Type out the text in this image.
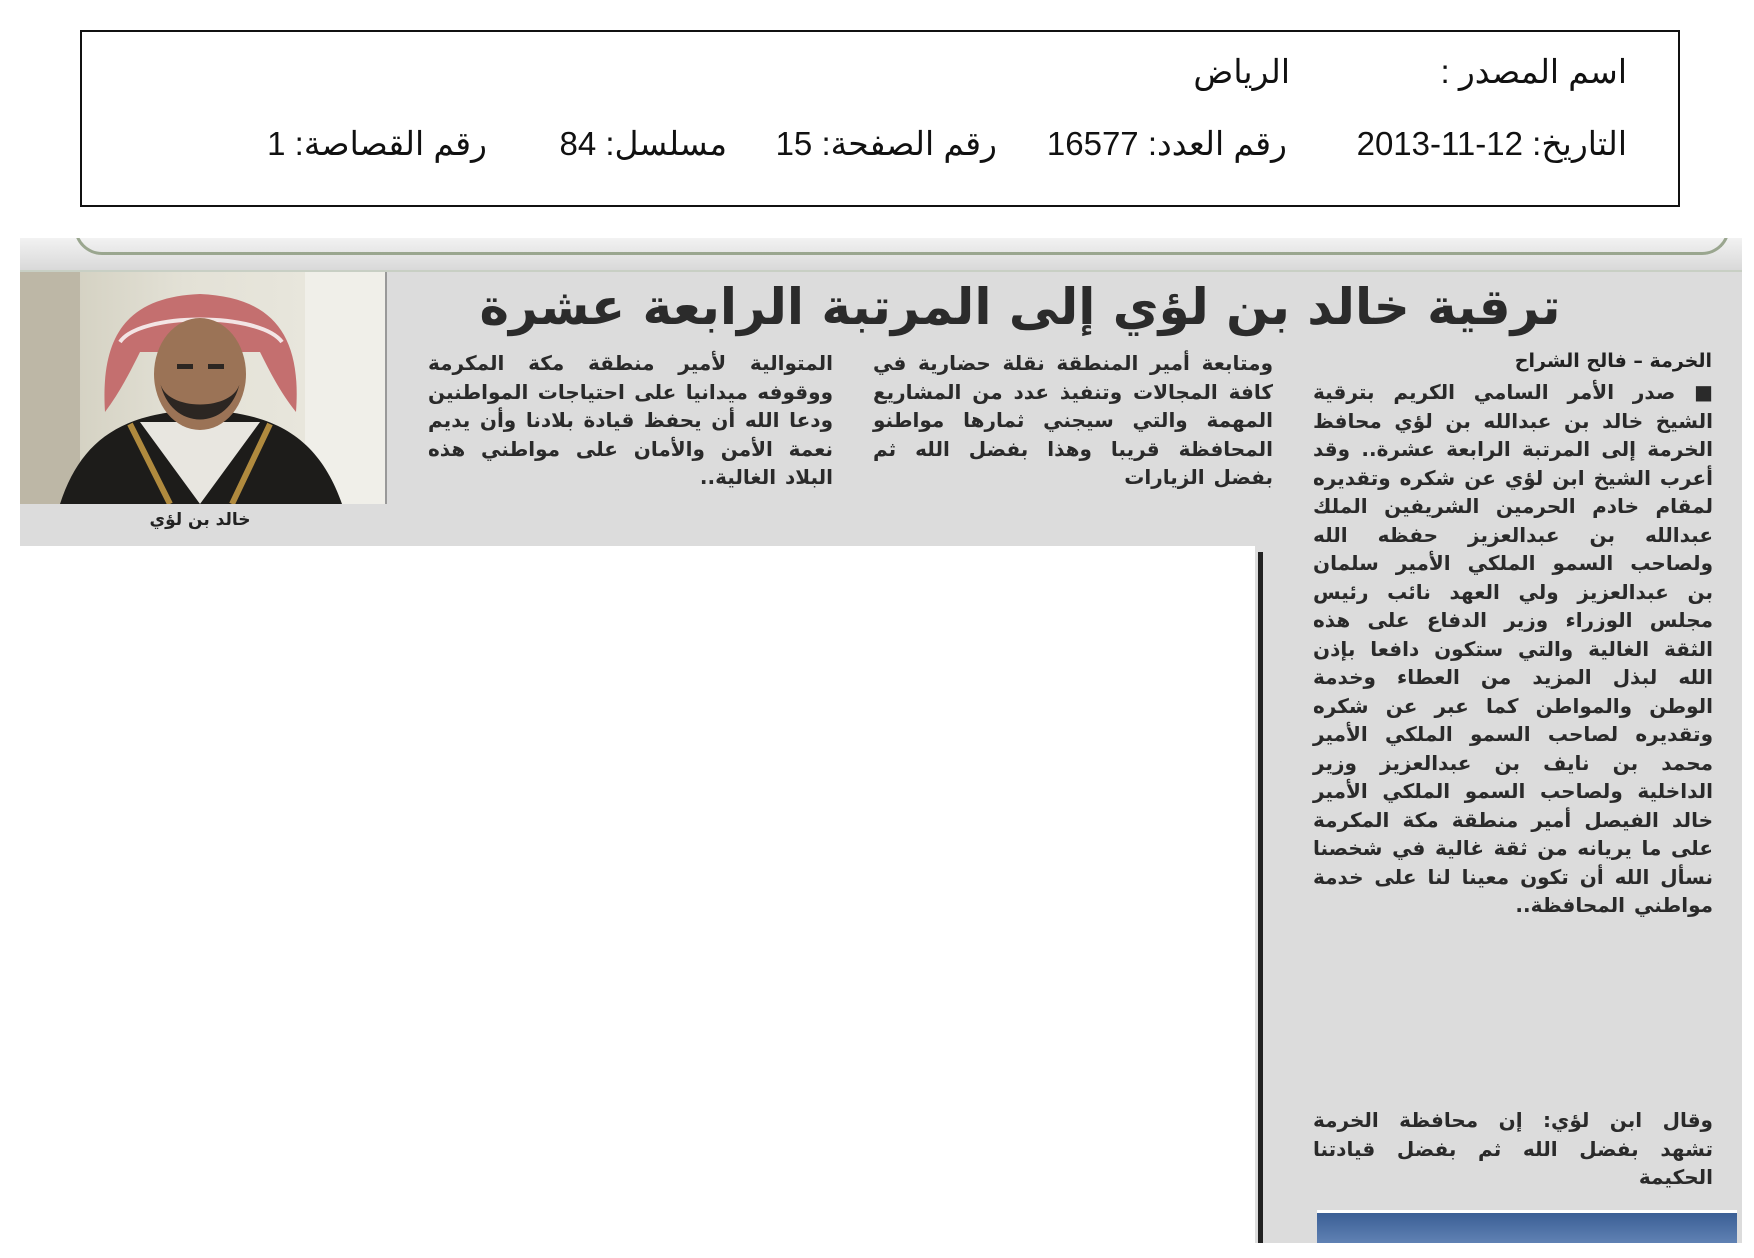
اسم المصدر :
الرياض
التاريخ: 12-11-2013
رقم العدد: 16577
رقم الصفحة: 15
مسلسل: 84
رقم القصاصة: 1
ترقية خالد بن لؤي إلى المرتبة الرابعة عشرة
الخرمة – فالح الشراح
■ صدر الأمر السامي الكريم بترقية الشيخ خالد بن عبدالله بن لؤي محافظ الخرمة إلى المرتبة الرابعة عشرة.. وقد أعرب الشيخ ابن لؤي عن شكره وتقديره لمقام خادم الحرمين الشريفين الملك عبدالله بن عبدالعزيز حفظه الله ولصاحب السمو الملكي الأمير سلمان بن عبدالعزيز ولي العهد نائب رئيس مجلس الوزراء وزير الدفاع على هذه الثقة الغالية والتي ستكون دافعا بإذن الله لبذل المزيد من العطاء وخدمة الوطن والمواطن كما عبر عن شكره وتقديره لصاحب السمو الملكي الأمير محمد بن نايف بن عبدالعزيز وزير الداخلية ولصاحب السمو الملكي الأمير خالد الفيصل أمير منطقة مكة المكرمة على ما يريانه من ثقة غالية في شخصنا نسأل الله أن تكون معينا لنا على خدمة مواطني المحافظة..
وقال ابن لؤي: إن محافظة الخرمة تشهد بفضل الله ثم بفضل قيادتنا الحكيمة
ومتابعة أمير المنطقة نقلة حضارية في كافة المجالات وتنفيذ عدد من المشاريع المهمة والتي سيجني ثمارها مواطنو المحافظة قريبا وهذا بفضل الله ثم بفضل الزيارات
المتوالية لأمير منطقة مكة المكرمة ووقوفه ميدانيا على احتياجات المواطنين ودعا الله أن يحفظ قيادة بلادنا وأن يديم نعمة الأمن والأمان على مواطني هذه البلاد الغالية..
خالد بن لؤي
